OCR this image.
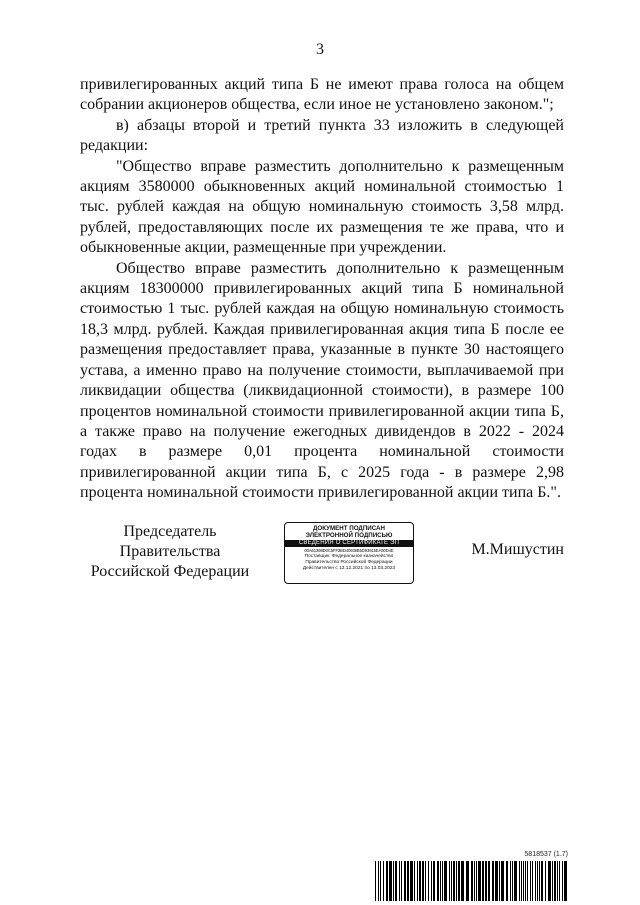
3

привилегированных акций типа Б не имеют права голоса на общем собрании акционеров общества, если иное не установлено законом.";

в) абзацы второй и третий пункта 33 изложить в следующей редакции:

"Общество вправе разместить дополнительно к размещенным акциям 3580000 обыкновенных акций номинальной стоимостью 1 тыс. рублей каждая на общую номинальную стоимость 3,58 млрд. рублей, предоставляющих после их размещения те же права, что и обыкновенные акции, размещенные при учреждении.

Общество вправе разместить дополнительно к размещенным акциям 18300000 привилегированных акций типа Б номинальной стоимостью 1 тыс. рублей каждая на общую номинальную стоимость 18,3 млрд. рублей. Каждая привилегированная акция типа Б после ее размещения предоставляет права, указанные в пункте 30 настоящего устава, а именно право на получение стоимости, выплачиваемой при ликвидации общества (ликвидационной стоимости), в размере 100 процентов номинальной стоимости привилегированной акции типа Б, а также право на получение ежегодных дивидендов в 2022 - 2024 годах в размере 0,01 процента номинальной стоимости привилегированной акции типа Б, с 2025 года - в размере 2,98 процента номинальной стоимости привилегированной акции типа Б.".

Председатель Правительства
Российской Федерации
ДОКУМЕНТ ПОДПИСАН
ЭЛЕКТРОННОЙ ПОДПИСЬЮ
СВЕДЕНИЯ О СЕРТИФИКАТЕ ЭП
00A61398D0C5FF3BD40938B5D93915EA90D4E
Поставщик: Федеральное казначейство
Правительство Российской Федерации
Действителен с 13.12.2021 по 13.03.2023
М.Мишустин
5818537 (1.7)
